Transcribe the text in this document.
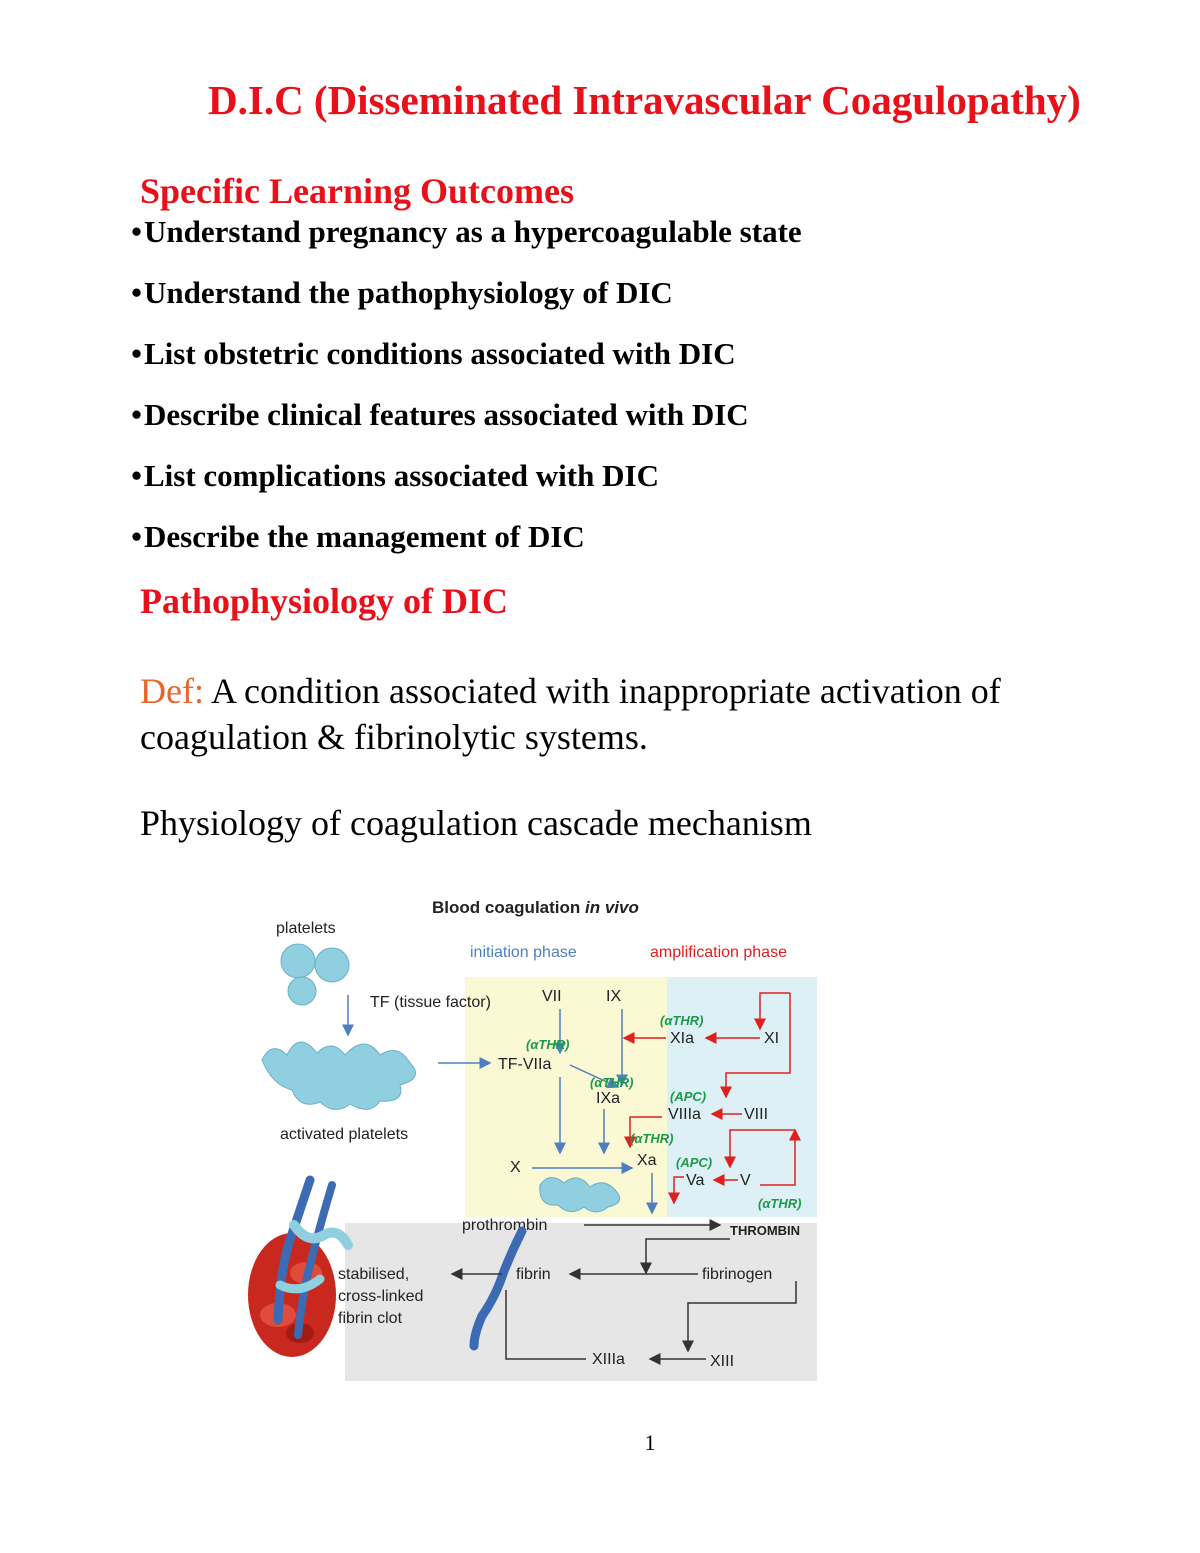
D.I.C (Disseminated Intravascular Coagulopathy)
Specific Learning Outcomes
•Understand pregnancy as a hypercoagulable state
•Understand the pathophysiology of DIC
•List obstetric conditions associated with DIC
•Describe clinical features associated with DIC
•List complications associated with DIC
•Describe the management of DIC
Pathophysiology of DIC
Def: A condition associated with inappropriate activation of coagulation & fibrinolytic systems.
Physiology of coagulation cascade mechanism
Blood coagulation in vivo
initiation phase	amplification phase
platelets
TF (tissue factor)
activated platelets
VII	IX
(αTHR)
TF-VIIa
(αTHR)
IXa
X	Xa
(αTHR)
XIa	XI
(APC)
VIIIa	VIII
(αTHR)
(APC)
Va V
(αTHR)
prothrombin	THROMBIN
fibrinogen
fibrin
stabilised,
cross-linked
fibrin clot
XIII
XIIIa
1
